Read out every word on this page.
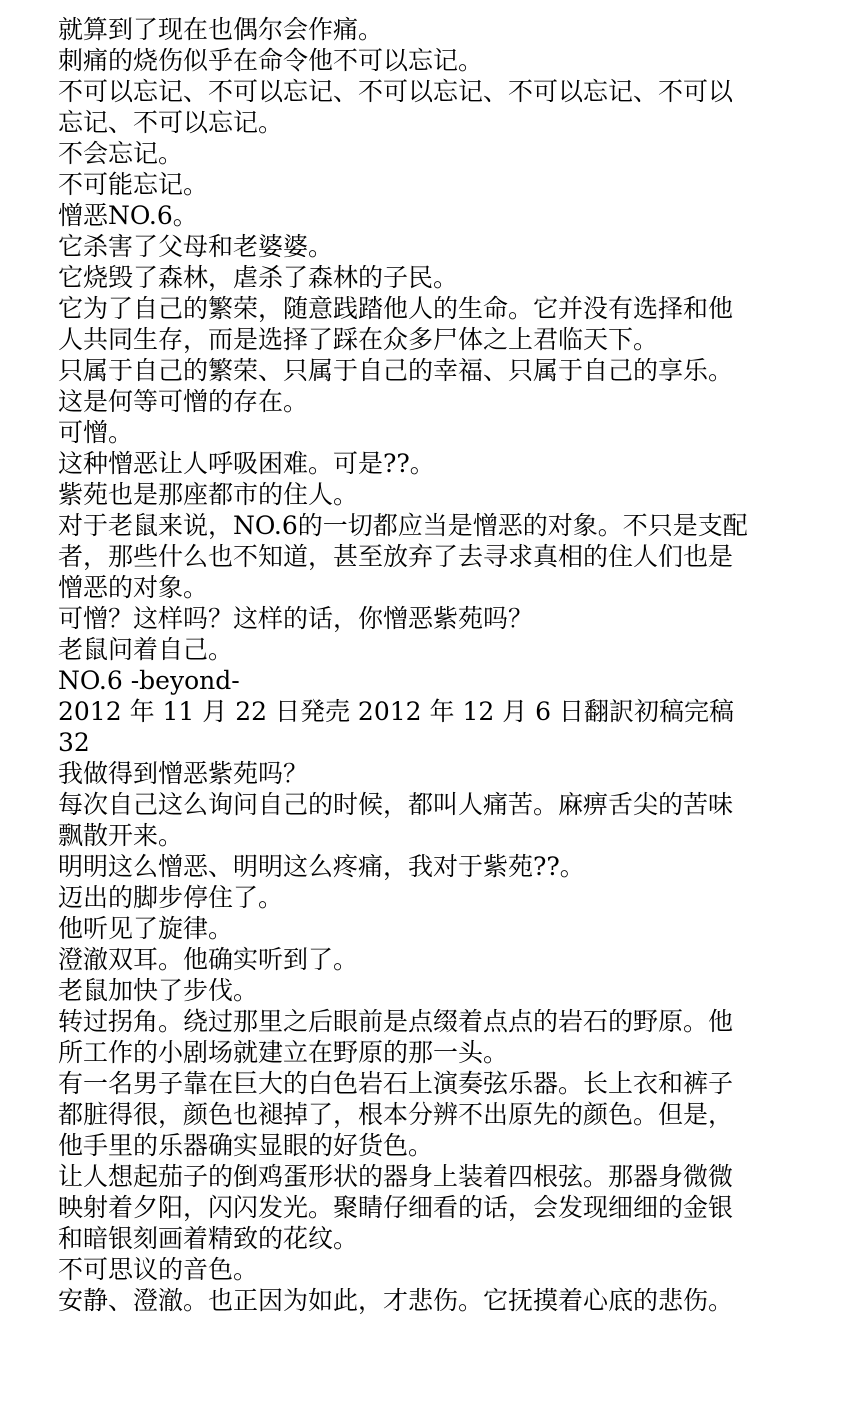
就算到了现在也偶尔会作痛。
刺痛的烧伤似乎在命令他不可以忘记。
不可以忘记、不可以忘记、不可以忘记、不可以忘记、不可以
忘记、不可以忘记。
不会忘记。
不可能忘记。
憎恶NO.6。
它杀害了父母和老婆婆。
它烧毁了森林，虐杀了森林的子民。
它为了自己的繁荣，随意践踏他人的生命。它并没有选择和他
人共同生存，而是选择了踩在众多尸体之上君临天下。
只属于自己的繁荣、只属于自己的幸福、只属于自己的享乐。
这是何等可憎的存在。
可憎。
这种憎恶让人呼吸困难。可是??。
紫苑也是那座都市的住人。
对于老鼠来说，NO.6的一切都应当是憎恶的对象。不只是支配
者，那些什么也不知道，甚至放弃了去寻求真相的住人们也是
憎恶的对象。
可憎？这样吗？这样的话，你憎恶紫苑吗？
老鼠问着自己。
NO.6 -beyond-
2012 年 11 月 22 日発売 2012 年 12 月 6 日翻訳初稿完稿
32
我做得到憎恶紫苑吗？
每次自己这么询问自己的时候，都叫人痛苦。麻痹舌尖的苦味
飘散开来。
明明这么憎恶、明明这么疼痛，我对于紫苑??。
迈出的脚步停住了。
他听见了旋律。
澄澈双耳。他确实听到了。
老鼠加快了步伐。
转过拐角。绕过那里之后眼前是点缀着点点的岩石的野原。他
所工作的小剧场就建立在野原的那一头。
有一名男子靠在巨大的白色岩石上演奏弦乐器。长上衣和裤子
都脏得很，颜色也褪掉了，根本分辨不出原先的颜色。但是，
他手里的乐器确实显眼的好货色。
让人想起茄子的倒鸡蛋形状的器身上装着四根弦。那器身微微
映射着夕阳，闪闪发光。聚睛仔细看的话，会发现细细的金银
和暗银刻画着精致的花纹。
不可思议的音色。
安静、澄澈。也正因为如此，才悲伤。它抚摸着心底的悲伤。
